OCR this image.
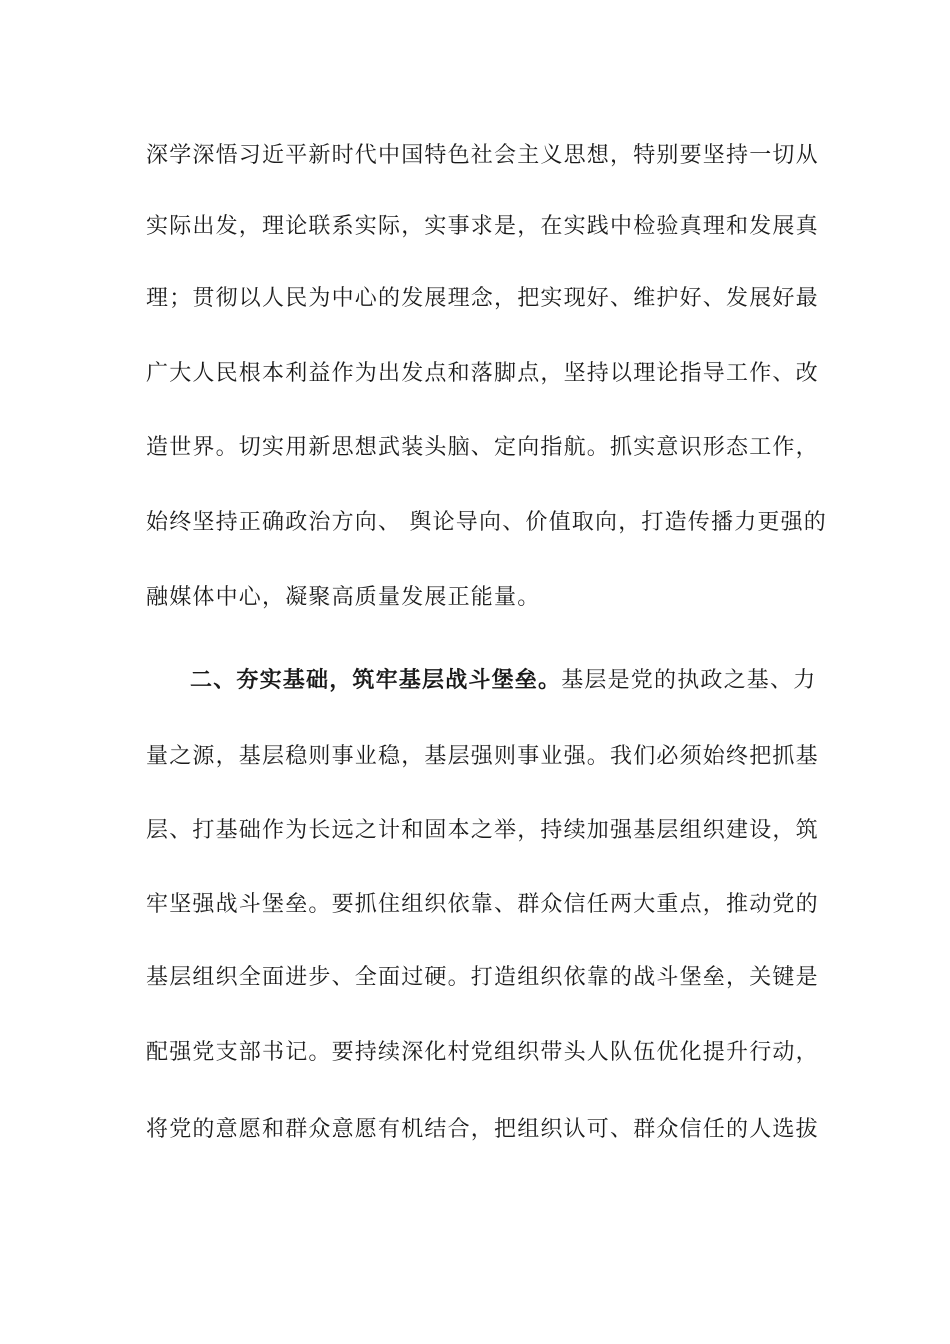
深学深悟习近平新时代中国特色社会主义思想，特别要坚持一切从
实际出发，理论联系实际，实事求是，在实践中检验真理和发展真
理；贯彻以人民为中心的发展理念，把实现好、维护好、发展好最
广大人民根本利益作为出发点和落脚点，坚持以理论指导工作、改
造世界。切实用新思想武装头脑、定向指航。抓实意识形态工作，
始终坚持正确政治方向、 舆论导向、价值取向，打造传播力更强的
融媒体中心，凝聚高质量发展正能量。
二、夯实基础，筑牢基层战斗堡垒。基层是党的执政之基、力
量之源，基层稳则事业稳，基层强则事业强。我们必须始终把抓基
层、打基础作为长远之计和固本之举，持续加强基层组织建设，筑
牢坚强战斗堡垒。要抓住组织依靠、群众信任两大重点，推动党的
基层组织全面进步、全面过硬。打造组织依靠的战斗堡垒，关键是
配强党支部书记。要持续深化村党组织带头人队伍优化提升行动，
将党的意愿和群众意愿有机结合，把组织认可、群众信任的人选拔
